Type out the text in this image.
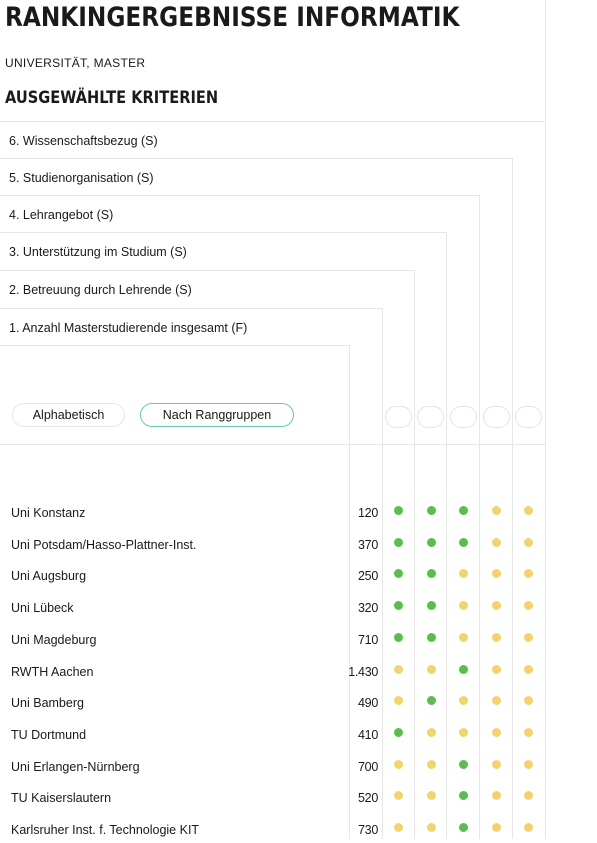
RANKINGERGEBNISSE INFORMATIK
UNIVERSITÄT, MASTER
AUSGEWÄHLTE KRITERIEN
6. Wissenschaftsbezug (S)
5. Studienorganisation (S)
4. Lehrangebot (S)
3. Unterstützung im Studium (S)
2. Betreuung durch Lehrende (S)
1. Anzahl Masterstudierende insgesamt (F)
Alphabetisch	Nach Ranggruppen
Uni Konstanz	120
Uni Potsdam/Hasso-Plattner-Inst.	370
Uni Augsburg	250
Uni Lübeck	320
Uni Magdeburg	710
RWTH Aachen	1.430
Uni Bamberg	490
TU Dortmund	410
Uni Erlangen-Nürnberg	700
TU Kaiserslautern	520
Karlsruher Inst. f. Technologie KIT	730
